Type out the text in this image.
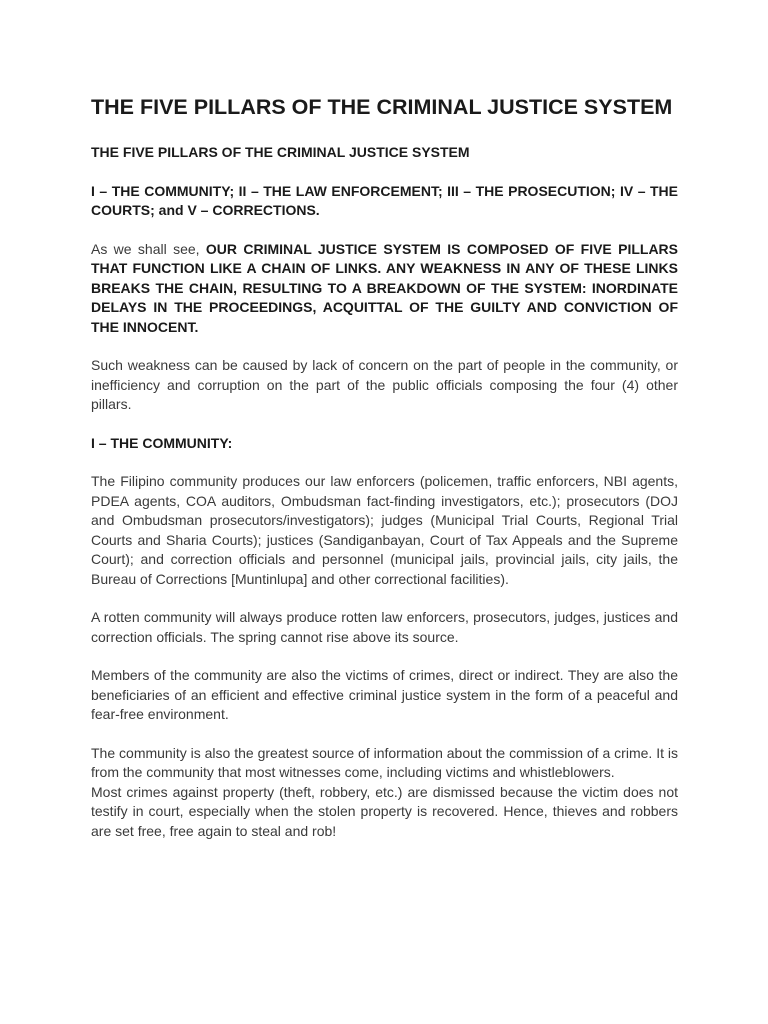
THE FIVE PILLARS OF THE CRIMINAL JUSTICE SYSTEM

THE FIVE PILLARS OF THE CRIMINAL JUSTICE SYSTEM

I – THE COMMUNITY; II – THE LAW ENFORCEMENT; III – THE PROSECUTION; IV – THE COURTS; and V – CORRECTIONS.

As we shall see, OUR CRIMINAL JUSTICE SYSTEM IS COMPOSED OF FIVE PILLARS THAT FUNCTION LIKE A CHAIN OF LINKS. ANY WEAKNESS IN ANY OF THESE LINKS BREAKS THE CHAIN, RESULTING TO A BREAKDOWN OF THE SYSTEM: INORDINATE DELAYS IN THE PROCEEDINGS, ACQUITTAL OF THE GUILTY AND CONVICTION OF THE INNOCENT.

Such weakness can be caused by lack of concern on the part of people in the community, or inefficiency and corruption on the part of the public officials composing the four (4) other pillars.

I – THE COMMUNITY:

The Filipino community produces our law enforcers (policemen, traffic enforcers, NBI agents, PDEA agents, COA auditors, Ombudsman fact-finding investigators, etc.); prosecutors (DOJ and Ombudsman prosecutors/investigators); judges (Municipal Trial Courts, Regional Trial Courts and Sharia Courts); justices (Sandiganbayan, Court of Tax Appeals and the Supreme Court); and correction officials and personnel (municipal jails, provincial jails, city jails, the Bureau of Corrections [Muntinlupa] and other correctional facilities).

A rotten community will always produce rotten law enforcers, prosecutors, judges, justices and correction officials. The spring cannot rise above its source.

Members of the community are also the victims of crimes, direct or indirect. They are also the beneficiaries of an efficient and effective criminal justice system in the form of a peaceful and fear-free environment.

The community is also the greatest source of information about the commission of a crime. It is from the community that most witnesses come, including victims and whistleblowers.

Most crimes against property (theft, robbery, etc.) are dismissed because the victim does not testify in court, especially when the stolen property is recovered. Hence, thieves and robbers are set free, free again to steal and rob!
